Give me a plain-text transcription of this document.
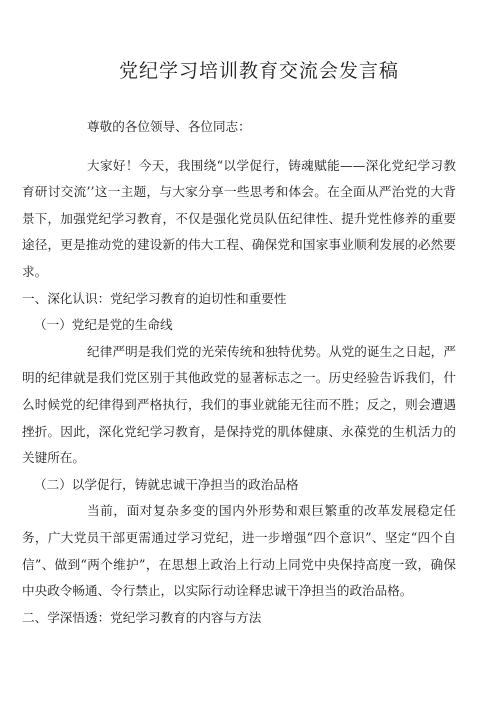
党纪学习培训教育交流会发言稿

尊敬的各位领导、各位同志：

大家好！今天，我围绕“以学促行，铸魂赋能——深化党纪学习教育研讨交流’’这一主题，与大家分享一些思考和体会。在全面从严治党的大背景下，加强党纪学习教育，不仅是强化党员队伍纪律性、提升党性修养的重要途径，更是推动党的建设新的伟大工程、确保党和国家事业顺利发展的必然要求。

一、深化认识：党纪学习教育的迫切性和重要性

（一）党纪是党的生命线

纪律严明是我们党的光荣传统和独特优势。从党的诞生之日起，严明的纪律就是我们党区别于其他政党的显著标志之一。历史经验告诉我们，什么时候党的纪律得到严格执行，我们的事业就能无往而不胜；反之，则会遭遇挫折。因此，深化党纪学习教育，是保持党的肌体健康、永葆党的生机活力的关键所在。

（二）以学促行，铸就忠诚干净担当的政治品格

当前，面对复杂多变的国内外形势和艰巨繁重的改革发展稳定任务，广大党员干部更需通过学习党纪，进一步增强“四个意识”、坚定“四个自信”、做到“两个维护”，在思想上政治上行动上同党中央保持高度一致，确保中央政令畅通、令行禁止，以实际行动诠释忠诚干净担当的政治品格。

二、学深悟透：党纪学习教育的内容与方法
